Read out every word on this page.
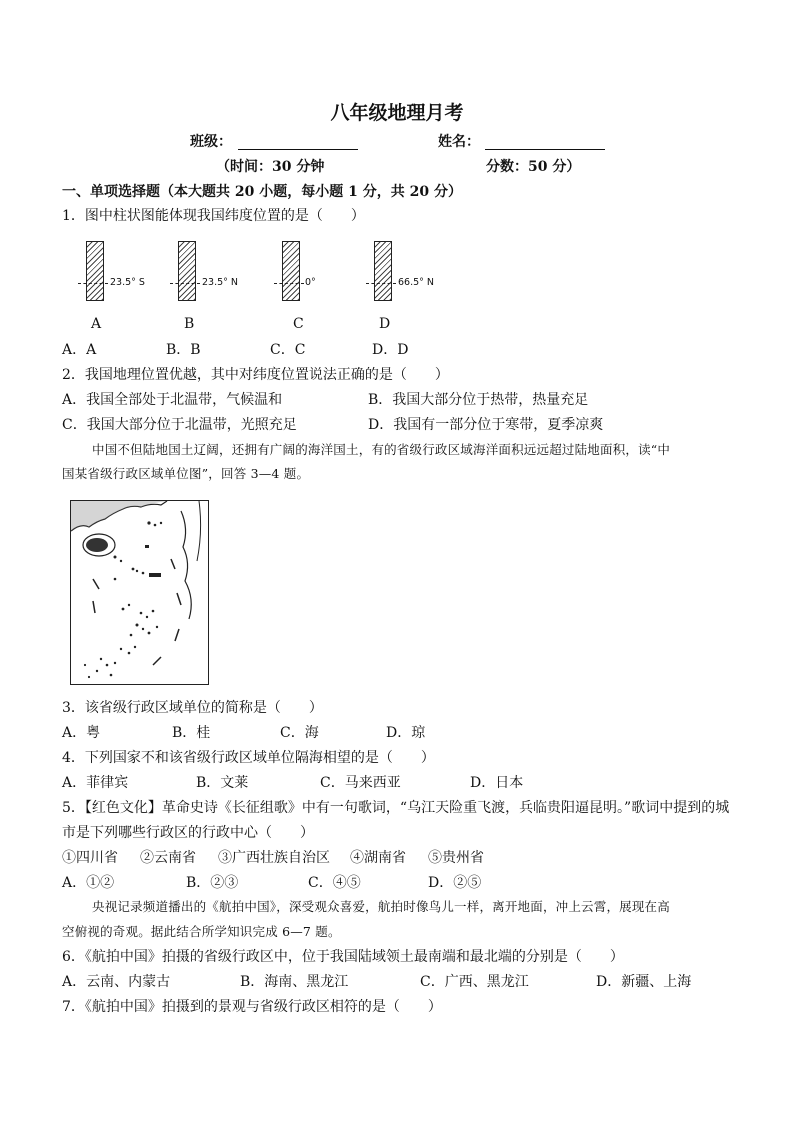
八年级地理月考
班级：	姓名：
（时间：30 分钟	分数：50 分）
一、单项选择题（本大题共 20 小题，每小题 1 分，共 20 分）
1．图中柱状图能体现我国纬度位置的是（　　）
23.5° S
A
23.5° N
B
0°
C
66.5° N
D
A．A	B．B	C．C	D．D
2．我国地理位置优越，其中对纬度位置说法正确的是（　　）
A．我国全部处于北温带，气候温和	B．我国大部分位于热带，热量充足
C．我国大部分位于北温带，光照充足	D．我国有一部分位于寒带，夏季凉爽
中国不但陆地国土辽阔，还拥有广阔的海洋国土，有的省级行政区域海洋面积远远超过陆地面积，读“中
国某省级行政区域单位图”，回答 3—4 题。
3．该省级行政区域单位的简称是（　　）
A．粤	B．桂	C．海	D．琼
4．下列国家不和该省级行政区域单位隔海相望的是（　　）
A．菲律宾	B．文莱	C．马来西亚	D．日本
5．【红色文化】革命史诗《长征组歌》中有一句歌词，“乌江天险重飞渡，兵临贵阳逼昆明。”歌词中提到的城
市是下列哪些行政区的行政中心（　　）
①四川省 ②云南省 ③广西壮族自治区 ④湖南省 ⑤贵州省
A．①②	B．②③	C．④⑤	D．②⑤
央视记录频道播出的《航拍中国》，深受观众喜爱，航拍时像鸟儿一样，离开地面，冲上云霄，展现在高
空俯视的奇观。据此结合所学知识完成 6—7 题。
6．《航拍中国》拍摄的省级行政区中，位于我国陆域领土最南端和最北端的分别是（　　）
A．云南、内蒙古	B．海南、黑龙江	C．广西、黑龙江	D．新疆、上海
7．《航拍中国》拍摄到的景观与省级行政区相符的是（　　）
